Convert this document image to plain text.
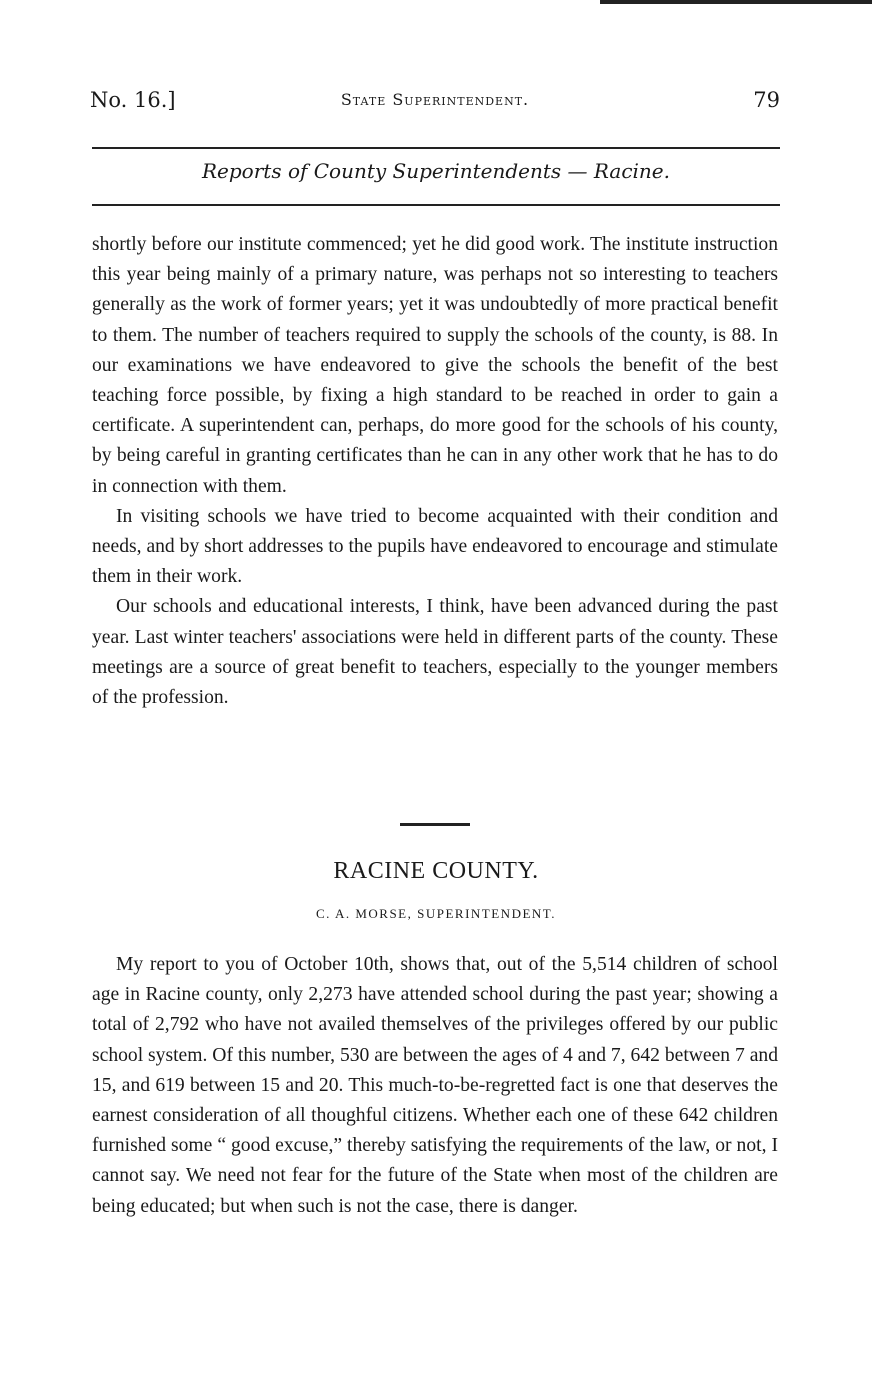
No. 16.]	State Superintendent.	79
Reports of County Superintendents — Racine.

shortly before our institute commenced; yet he did good work. The institute instruction this year being mainly of a primary nature, was perhaps not so interesting to teachers generally as the work of former years; yet it was undoubtedly of more practical benefit to them. The number of teachers required to supply the schools of the county, is 88. In our examinations we have endeavored to give the schools the benefit of the best teaching force possible, by fixing a high standard to be reached in order to gain a certificate. A superintendent can, perhaps, do more good for the schools of his county, by being careful in granting certificates than he can in any other work that he has to do in connection with them.

In visiting schools we have tried to become acquainted with their condition and needs, and by short addresses to the pupils have endeavored to encourage and stimulate them in their work.

Our schools and educational interests, I think, have been advanced during the past year. Last winter teachers' associations were held in different parts of the county. These meetings are a source of great benefit to teachers, especially to the younger members of the profession.

RACINE COUNTY.
C. A. MORSE, SUPERINTENDENT.

My report to you of October 10th, shows that, out of the 5,514 children of school age in Racine county, only 2,273 have attended school during the past year; showing a total of 2,792 who have not availed themselves of the privileges offered by our public school system. Of this number, 530 are between the ages of 4 and 7, 642 between 7 and 15, and 619 between 15 and 20. This much-to-be-regretted fact is one that deserves the earnest consideration of all thoughful citizens. Whether each one of these 642 children furnished some “ good excuse,” thereby satisfying the requirements of the law, or not, I cannot say. We need not fear for the future of the State when most of the children are being educated; but when such is not the case, there is danger.
